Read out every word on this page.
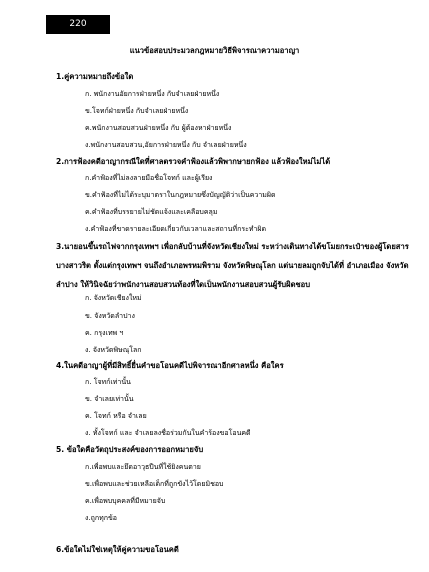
220
แนวข้อสอบประมวลกฎหมายวิธีพิจารณาความอาญา
1.คู่ความหมายถึงข้อใด
ก. พนักงานอัยการฝ่ายหนึ่ง กับจำเลยฝ่ายหนึ่ง
ข.โจทก์ฝ่ายหนึ่ง กับจำเลยฝ่ายหนึ่ง
ค.พนักงานสอบสวนฝ่ายหนึ่ง กับ ผู้ต้องหาฝ่ายหนึ่ง
ง.พนักงานสอบสวน,อัยการฝ่ายหนึ่ง กับ จำเลยฝ่ายหนึ่ง
2.การฟ้องคดีอาญากรณีใดที่ศาลตรวจคำฟ้องแล้วพิพากษายกฟ้อง แล้วฟ้องใหม่ไม่ได้
ก.คำฟ้องที่ไม่ลงลายมือชื่อโจทก์ และผู้เรียง
ข.คำฟ้องที่ไม่ได้ระบุมาตราในกฎหมายซึ่งบัญญัติว่าเป็นความผิด
ค.คำฟ้องที่บรรยายไม่ชัดแจ้งและเคลือบคลุม
ง.คำฟ้องที่ขาดรายละเอียดเกี่ยวกับเวลาและสถานที่กระทำผิด
3.นายอนขึ้นรถไฟจากกรุงเทพฯ เพื่อกลับบ้านที่จังหวัดเชียงใหม่ ระหว่างเดินทางได้ขโมยกระเป๋าของผู้โดยสาร บางสาวริต ตั้งแต่กรุงเทพฯ จนถึงอำเภอพรหมพิราม จังหวัดพิษณุโลก แต่นายลมถูกจับได้ที่ อำเภอเมือง จังหวัดลำปาง ให้วินิจฉัยว่าพนักงานสอบสวนท้องที่ใดเป็นพนักงานสอบสวนผู้รับผิดชอบ
ก. จังหวัดเชียงใหม่
ข. จังหวัดลำปาง
ค. กรุงเทพ ฯ
ง. จังหวัดพิษณุโลก
4.ในคดีอาญาผู้ที่มีสิทธิ์ยื่นคำขอโอนคดีไปพิจารณาอีกศาลหนึ่ง คือใคร
ก. โจทก์เท่านั้น
ข. จำเลยเท่านั้น
ค. โจทก์ หรือ จำเลย
ง. ทั้งโจทก์ และ จำเลยลงชื่อร่วมกันในคำร้องขอโอนคดี
5. ข้อใดคือวัตถุประสงค์ของการออกหมายจับ
ก.เพื่อพบและยึดอาวุธปืนที่ใช้ยิงคนตาย
ข.เพื่อพบและช่วยเหลือเด็กที่ถูกขังไว้โดยมิชอบ
ค.เพื่อพบบุคคลที่มีหมายจับ
ง.ถูกทุกข้อ
6.ข้อใดไม่ใช่เหตุให้คู่ความขอโอนคดี
